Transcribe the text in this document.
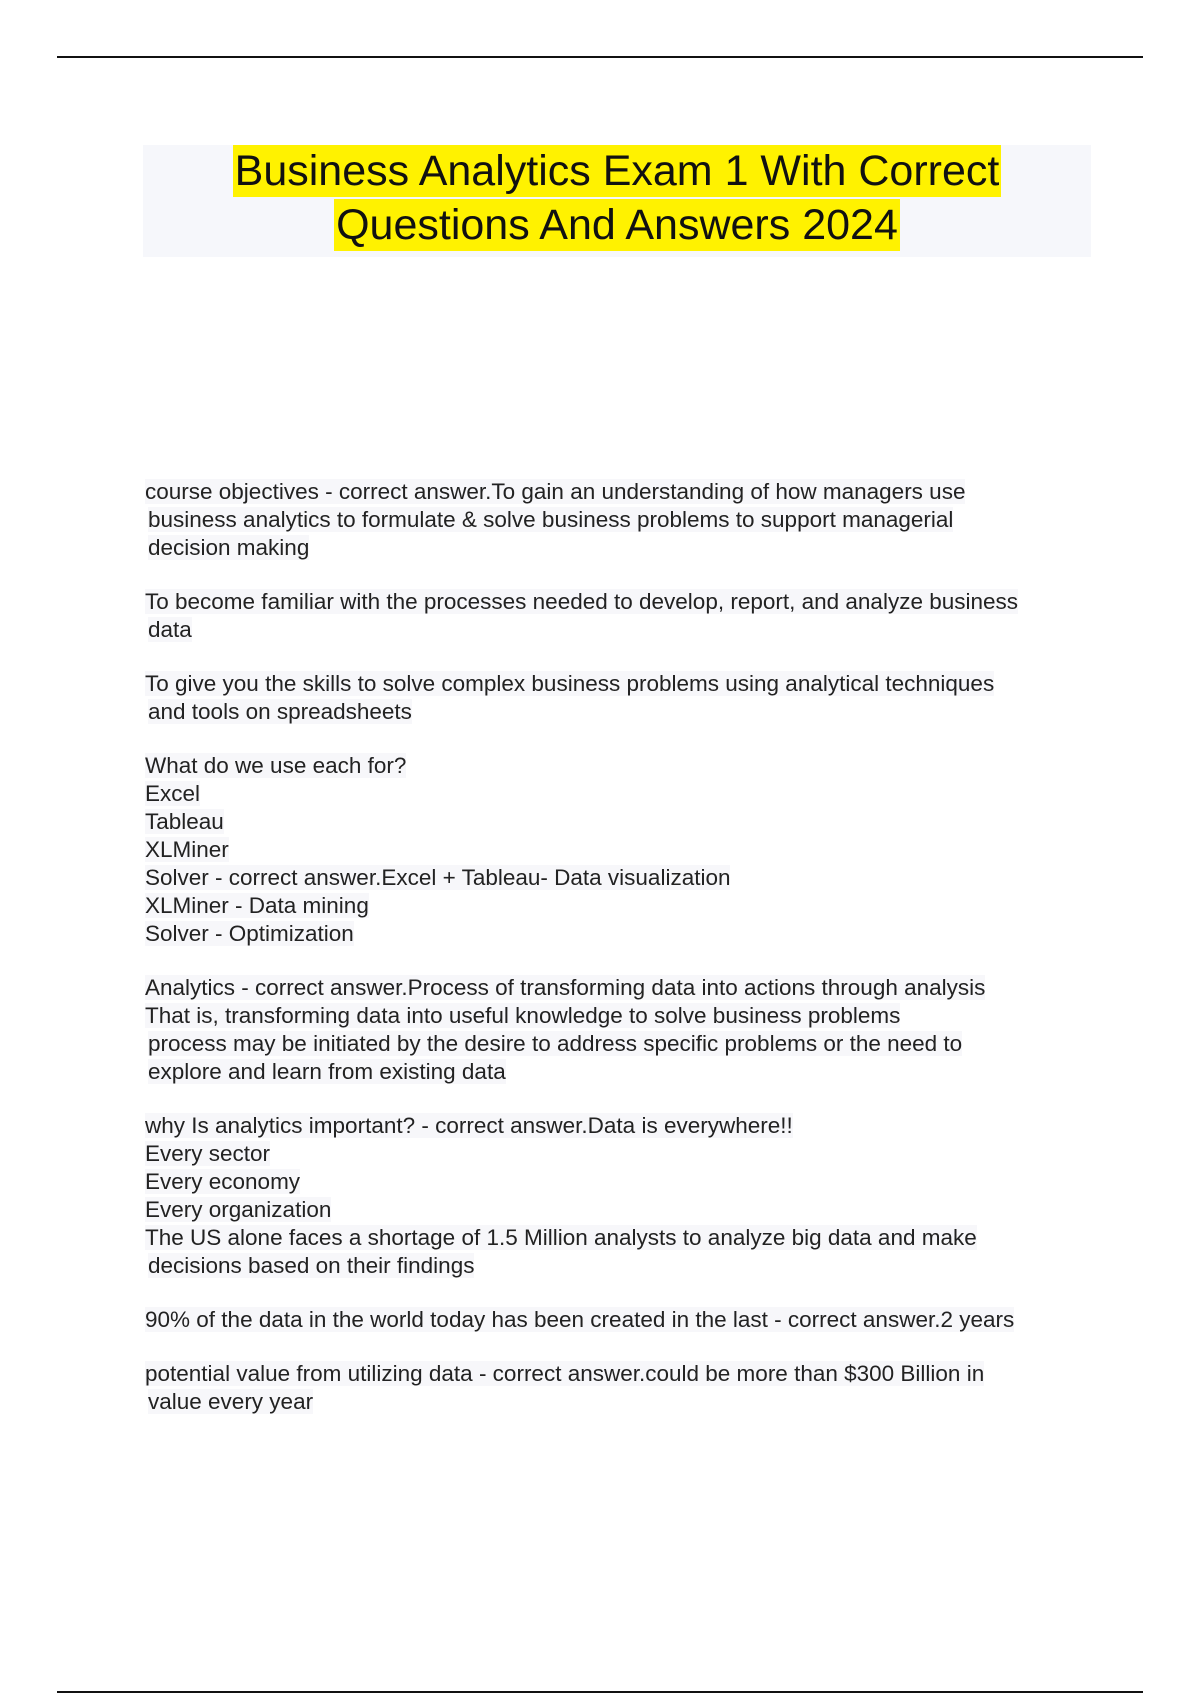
Business Analytics Exam 1 With Correct
Questions And Answers 2024
course objectives - correct answer.To gain an understanding of how managers use
business analytics to formulate & solve business problems to support managerial
decision making
To become familiar with the processes needed to develop, report, and analyze business
data
To give you the skills to solve complex business problems using analytical techniques
and tools on spreadsheets
What do we use each for?
Excel
Tableau
XLMiner
Solver - correct answer.Excel + Tableau- Data visualization
XLMiner - Data mining
Solver - Optimization
Analytics - correct answer.Process of transforming data into actions through analysis
That is, transforming data into useful knowledge to solve business problems
process may be initiated by the desire to address specific problems or the need to
explore and learn from existing data
why Is analytics important? - correct answer.Data is everywhere!!
Every sector
Every economy
Every organization
The US alone faces a shortage of 1.5 Million analysts to analyze big data and make
decisions based on their findings
90% of the data in the world today has been created in the last - correct answer.2 years
potential value from utilizing data - correct answer.could be more than $300 Billion in
value every year
